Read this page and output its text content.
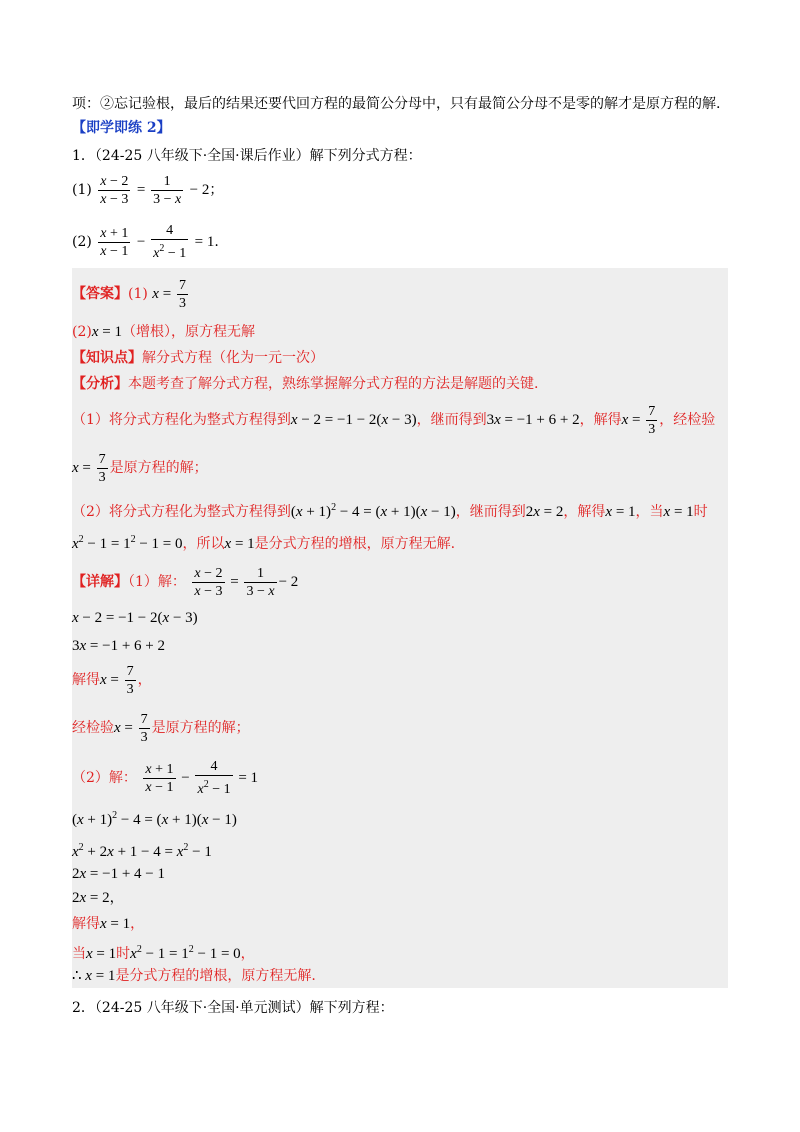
项：②忘记验根，最后的结果还要代回方程的最简公分母中，只有最简公分母不是零的解才是原方程的解.
【即学即练 2】
1．（24-25 八年级下·全国·课后作业）解下列分式方程：
$(1) \frac{x - 2}{x - 3} = \frac{1}{3 - x} - 2$；
$(2) \frac{x + 1}{x - 1} - \frac{4}{x^2 - 1} = 1$.
【答案】(1) $x = \frac{7}{3}$
(2)x = 1（增根），原方程无解
【知识点】解分式方程（化为一元一次）
【分析】本题考查了解分式方程，熟练掌握解分式方程的方法是解题的关键.
（1）将分式方程化为整式方程得到x − 2 = −1 − 2(x − 3)，继而得到3x = −1 + 6 + 2，解得$x = \frac{7}{3}$ ，经检验
$x = \frac{7}{3}$ 是原方程的解；
（2）将分式方程化为整式方程得到$(x + 1)^2 - 4 = (x + 1)(x - 1)$，继而得到2x = 2，解得x = 1，当x = 1时
$x^2 - 1 = 1^2 - 1 = 0$，所以x = 1是分式方程的增根，原方程无解.
【详解】（1）解： $\frac{x - 2}{x - 3} = \frac{1}{3 - x} - 2$
x − 2 = −1 − 2(x − 3)
3x = −1 + 6 + 2
解得$x = \frac{7}{3}$ ，
经检验$x = \frac{7}{3}$ 是原方程的解；
（2）解： $\frac{x + 1}{x - 1} - \frac{4}{x^2 - 1} = 1$
$(x + 1)^2 - 4 = (x + 1)(x - 1)$
$x^2 + 2x + 1 - 4 = x^2 - 1$
2x = −1 + 4 − 1
2x = 2，
解得x = 1，
当x = 1时$x^2 - 1 = 1^2 - 1 = 0$，
∴ x = 1是分式方程的增根，原方程无解.
2．（24-25 八年级下·全国·单元测试）解下列方程：
